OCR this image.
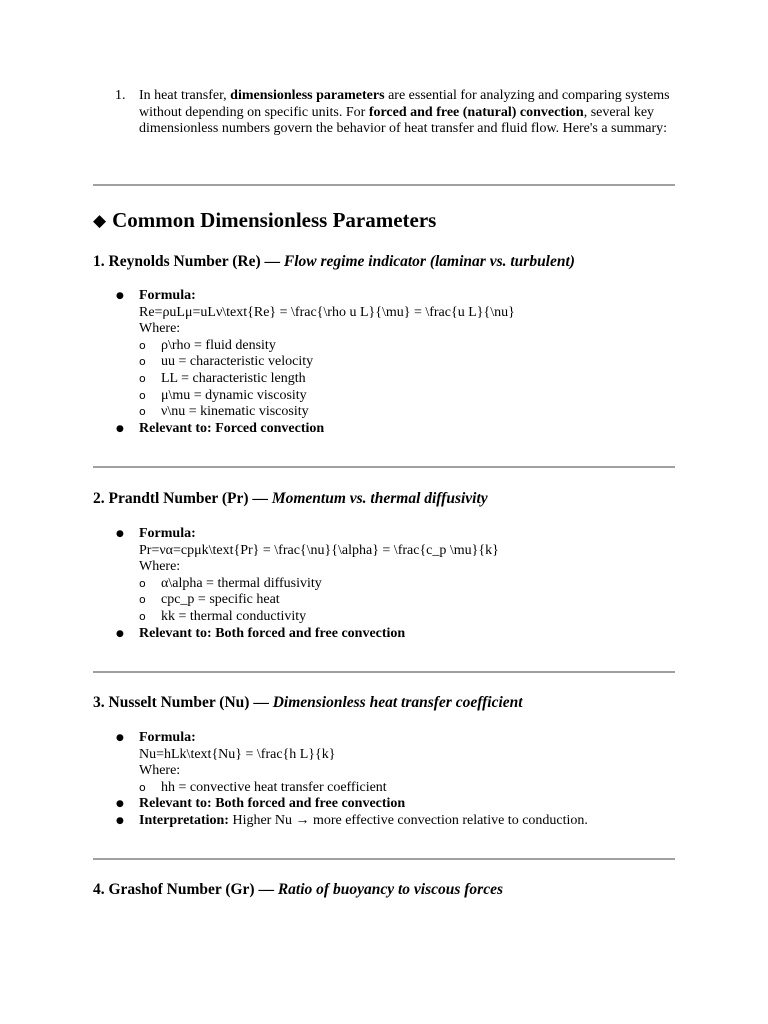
1. In heat transfer, dimensionless parameters are essential for analyzing and comparing systems without depending on specific units. For forced and free (natural) convection, several key dimensionless numbers govern the behavior of heat transfer and fluid flow. Here's a summary:
◆ Common Dimensionless Parameters
1. Reynolds Number (Re) — Flow regime indicator (laminar vs. turbulent)
● Formula:
Re=ρuLμ=uLν\text{Re} = \frac{\rho u L}{\mu} = \frac{u L}{\nu}
Where:
o ρ\rho = fluid density
o uu = characteristic velocity
o LL = characteristic length
o μ\mu = dynamic viscosity
o ν\nu = kinematic viscosity
● Relevant to: Forced convection
2. Prandtl Number (Pr) — Momentum vs. thermal diffusivity
● Formula:
Pr=να=cpμk\text{Pr} = \frac{\nu}{\alpha} = \frac{c_p \mu}{k}
Where:
o α\alpha = thermal diffusivity
o cpc_p = specific heat
o kk = thermal conductivity
● Relevant to: Both forced and free convection
3. Nusselt Number (Nu) — Dimensionless heat transfer coefficient
● Formula:
Nu=hLk\text{Nu} = \frac{h L}{k}
Where:
o hh = convective heat transfer coefficient
● Relevant to: Both forced and free convection
● Interpretation: Higher Nu → more effective convection relative to conduction.
4. Grashof Number (Gr) — Ratio of buoyancy to viscous forces
